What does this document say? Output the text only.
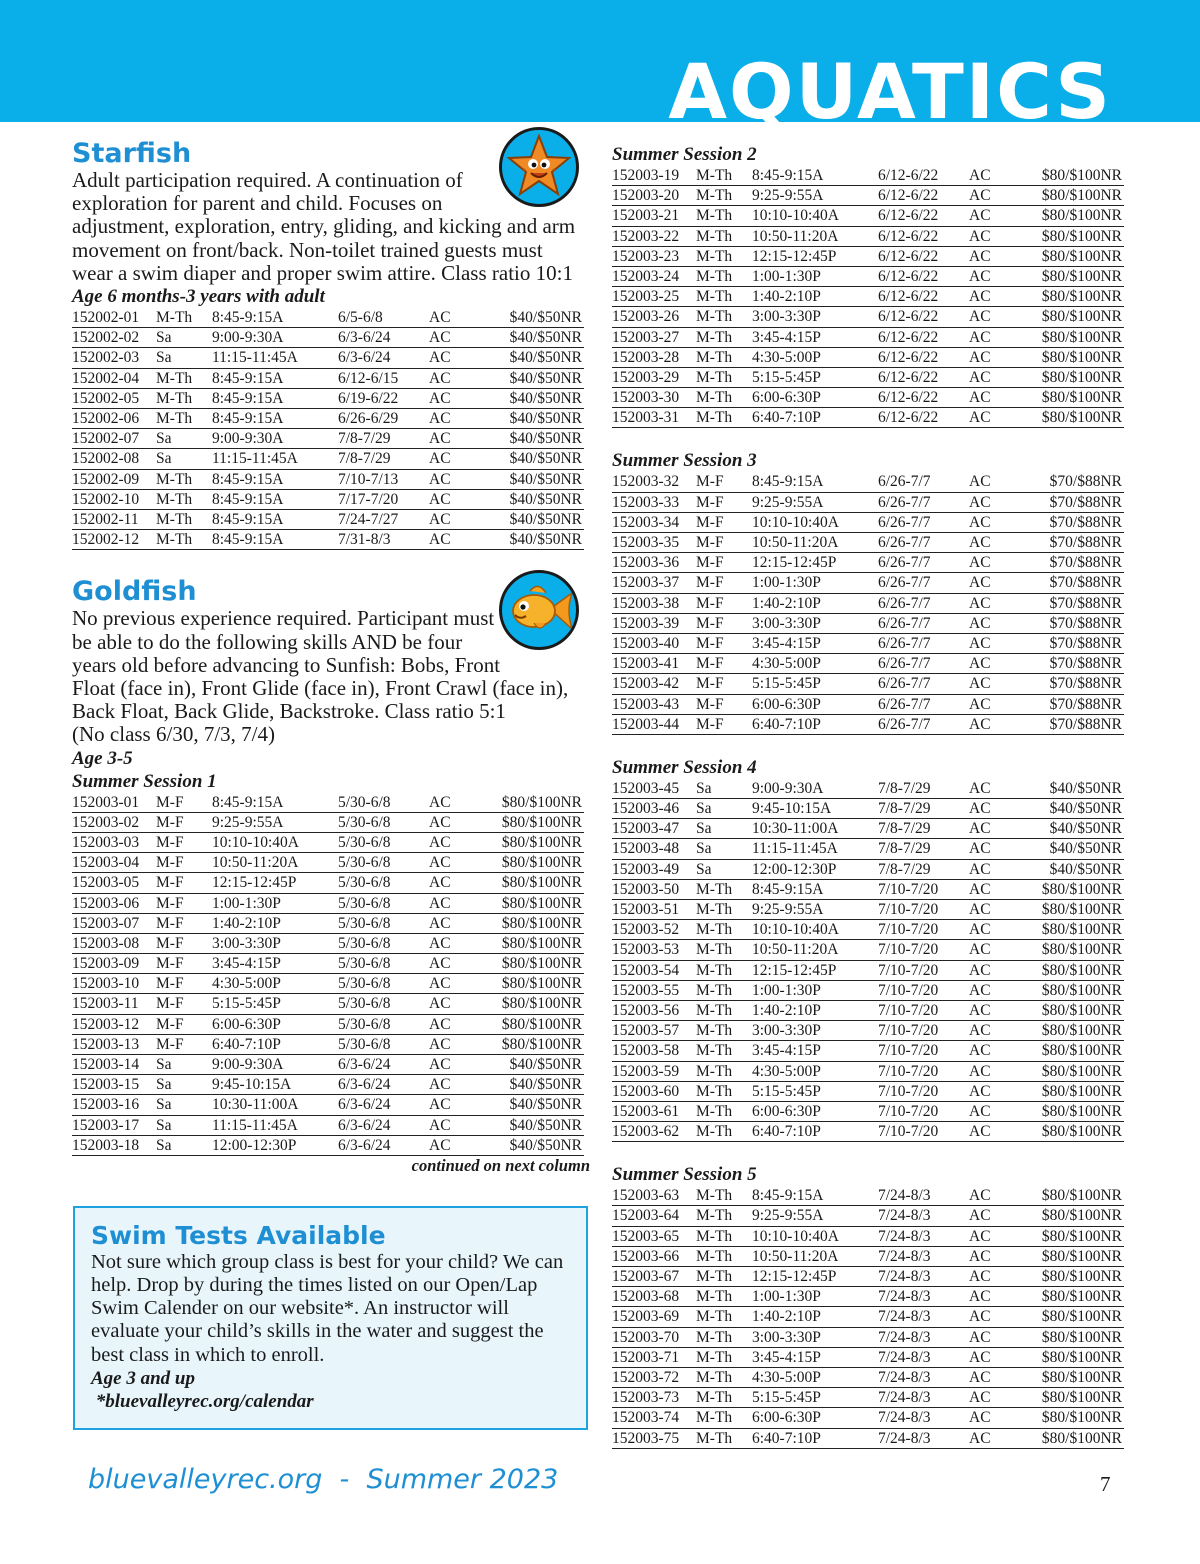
AQUATICS
Starfish

Adult participation required. A continuation of

exploration for parent and child. Focuses on

adjustment, exploration, entry, gliding, and kicking and arm

movement on front/back. Non-toilet trained guests must

wear a swim diaper and proper swim attire. Class ratio 10:1

Age 6 months-3 years with adult

152002-01	M-Th	8:45-9:15A	6/5-6/8	AC	$40/$50NR
152002-02	Sa	9:00-9:30A	6/3-6/24	AC	$40/$50NR
152002-03	Sa	11:15-11:45A	6/3-6/24	AC	$40/$50NR
152002-04	M-Th	8:45-9:15A	6/12-6/15	AC	$40/$50NR
152002-05	M-Th	8:45-9:15A	6/19-6/22	AC	$40/$50NR
152002-06	M-Th	8:45-9:15A	6/26-6/29	AC	$40/$50NR
152002-07	Sa	9:00-9:30A	7/8-7/29	AC	$40/$50NR
152002-08	Sa	11:15-11:45A	7/8-7/29	AC	$40/$50NR
152002-09	M-Th	8:45-9:15A	7/10-7/13	AC	$40/$50NR
152002-10	M-Th	8:45-9:15A	7/17-7/20	AC	$40/$50NR
152002-11	M-Th	8:45-9:15A	7/24-7/27	AC	$40/$50NR
152002-12	M-Th	8:45-9:15A	7/31-8/3	AC	$40/$50NR
Goldfish

No previous experience required. Participant must

be able to do the following skills AND be four

years old before advancing to Sunfish: Bobs, Front

Float (face in), Front Glide (face in), Front Crawl (face in),

Back Float, Back Glide, Backstroke. Class ratio 5:1

(No class 6/30, 7/3, 7/4)

Age 3-5

Summer Session 1

152003-01	M-F	8:45-9:15A	5/30-6/8	AC	$80/$100NR
152003-02	M-F	9:25-9:55A	5/30-6/8	AC	$80/$100NR
152003-03	M-F	10:10-10:40A	5/30-6/8	AC	$80/$100NR
152003-04	M-F	10:50-11:20A	5/30-6/8	AC	$80/$100NR
152003-05	M-F	12:15-12:45P	5/30-6/8	AC	$80/$100NR
152003-06	M-F	1:00-1:30P	5/30-6/8	AC	$80/$100NR
152003-07	M-F	1:40-2:10P	5/30-6/8	AC	$80/$100NR
152003-08	M-F	3:00-3:30P	5/30-6/8	AC	$80/$100NR
152003-09	M-F	3:45-4:15P	5/30-6/8	AC	$80/$100NR
152003-10	M-F	4:30-5:00P	5/30-6/8	AC	$80/$100NR
152003-11	M-F	5:15-5:45P	5/30-6/8	AC	$80/$100NR
152003-12	M-F	6:00-6:30P	5/30-6/8	AC	$80/$100NR
152003-13	M-F	6:40-7:10P	5/30-6/8	AC	$80/$100NR
152003-14	Sa	9:00-9:30A	6/3-6/24	AC	$40/$50NR
152003-15	Sa	9:45-10:15A	6/3-6/24	AC	$40/$50NR
152003-16	Sa	10:30-11:00A	6/3-6/24	AC	$40/$50NR
152003-17	Sa	11:15-11:45A	6/3-6/24	AC	$40/$50NR
152003-18	Sa	12:00-12:30P	6/3-6/24	AC	$40/$50NR

continued on next column

Swim Tests Available

Not sure which group class is best for your child? We can

help. Drop by during the times listed on our Open/Lap

Swim Calender on our website*. An instructor will

evaluate your child’s skills in the water and suggest the

best class in which to enroll.

Age 3 and up

*bluevalleyrec.org/calendar

Summer Session 2

152003-19	M-Th	8:45-9:15A	6/12-6/22	AC	$80/$100NR
152003-20	M-Th	9:25-9:55A	6/12-6/22	AC	$80/$100NR
152003-21	M-Th	10:10-10:40A	6/12-6/22	AC	$80/$100NR
152003-22	M-Th	10:50-11:20A	6/12-6/22	AC	$80/$100NR
152003-23	M-Th	12:15-12:45P	6/12-6/22	AC	$80/$100NR
152003-24	M-Th	1:00-1:30P	6/12-6/22	AC	$80/$100NR
152003-25	M-Th	1:40-2:10P	6/12-6/22	AC	$80/$100NR
152003-26	M-Th	3:00-3:30P	6/12-6/22	AC	$80/$100NR
152003-27	M-Th	3:45-4:15P	6/12-6/22	AC	$80/$100NR
152003-28	M-Th	4:30-5:00P	6/12-6/22	AC	$80/$100NR
152003-29	M-Th	5:15-5:45P	6/12-6/22	AC	$80/$100NR
152003-30	M-Th	6:00-6:30P	6/12-6/22	AC	$80/$100NR
152003-31	M-Th	6:40-7:10P	6/12-6/22	AC	$80/$100NR

Summer Session 3

152003-32	M-F	8:45-9:15A	6/26-7/7	AC	$70/$88NR
152003-33	M-F	9:25-9:55A	6/26-7/7	AC	$70/$88NR
152003-34	M-F	10:10-10:40A	6/26-7/7	AC	$70/$88NR
152003-35	M-F	10:50-11:20A	6/26-7/7	AC	$70/$88NR
152003-36	M-F	12:15-12:45P	6/26-7/7	AC	$70/$88NR
152003-37	M-F	1:00-1:30P	6/26-7/7	AC	$70/$88NR
152003-38	M-F	1:40-2:10P	6/26-7/7	AC	$70/$88NR
152003-39	M-F	3:00-3:30P	6/26-7/7	AC	$70/$88NR
152003-40	M-F	3:45-4:15P	6/26-7/7	AC	$70/$88NR
152003-41	M-F	4:30-5:00P	6/26-7/7	AC	$70/$88NR
152003-42	M-F	5:15-5:45P	6/26-7/7	AC	$70/$88NR
152003-43	M-F	6:00-6:30P	6/26-7/7	AC	$70/$88NR
152003-44	M-F	6:40-7:10P	6/26-7/7	AC	$70/$88NR

Summer Session 4

152003-45	Sa	9:00-9:30A	7/8-7/29	AC	$40/$50NR
152003-46	Sa	9:45-10:15A	7/8-7/29	AC	$40/$50NR
152003-47	Sa	10:30-11:00A	7/8-7/29	AC	$40/$50NR
152003-48	Sa	11:15-11:45A	7/8-7/29	AC	$40/$50NR
152003-49	Sa	12:00-12:30P	7/8-7/29	AC	$40/$50NR
152003-50	M-Th	8:45-9:15A	7/10-7/20	AC	$80/$100NR
152003-51	M-Th	9:25-9:55A	7/10-7/20	AC	$80/$100NR
152003-52	M-Th	10:10-10:40A	7/10-7/20	AC	$80/$100NR
152003-53	M-Th	10:50-11:20A	7/10-7/20	AC	$80/$100NR
152003-54	M-Th	12:15-12:45P	7/10-7/20	AC	$80/$100NR
152003-55	M-Th	1:00-1:30P	7/10-7/20	AC	$80/$100NR
152003-56	M-Th	1:40-2:10P	7/10-7/20	AC	$80/$100NR
152003-57	M-Th	3:00-3:30P	7/10-7/20	AC	$80/$100NR
152003-58	M-Th	3:45-4:15P	7/10-7/20	AC	$80/$100NR
152003-59	M-Th	4:30-5:00P	7/10-7/20	AC	$80/$100NR
152003-60	M-Th	5:15-5:45P	7/10-7/20	AC	$80/$100NR
152003-61	M-Th	6:00-6:30P	7/10-7/20	AC	$80/$100NR
152003-62	M-Th	6:40-7:10P	7/10-7/20	AC	$80/$100NR

Summer Session 5

152003-63	M-Th	8:45-9:15A	7/24-8/3	AC	$80/$100NR
152003-64	M-Th	9:25-9:55A	7/24-8/3	AC	$80/$100NR
152003-65	M-Th	10:10-10:40A	7/24-8/3	AC	$80/$100NR
152003-66	M-Th	10:50-11:20A	7/24-8/3	AC	$80/$100NR
152003-67	M-Th	12:15-12:45P	7/24-8/3	AC	$80/$100NR
152003-68	M-Th	1:00-1:30P	7/24-8/3	AC	$80/$100NR
152003-69	M-Th	1:40-2:10P	7/24-8/3	AC	$80/$100NR
152003-70	M-Th	3:00-3:30P	7/24-8/3	AC	$80/$100NR
152003-71	M-Th	3:45-4:15P	7/24-8/3	AC	$80/$100NR
152003-72	M-Th	4:30-5:00P	7/24-8/3	AC	$80/$100NR
152003-73	M-Th	5:15-5:45P	7/24-8/3	AC	$80/$100NR
152003-74	M-Th	6:00-6:30P	7/24-8/3	AC	$80/$100NR
152003-75	M-Th	6:40-7:10P	7/24-8/3	AC	$80/$100NR

bluevalleyrec.org  -  Summer 2023	7
